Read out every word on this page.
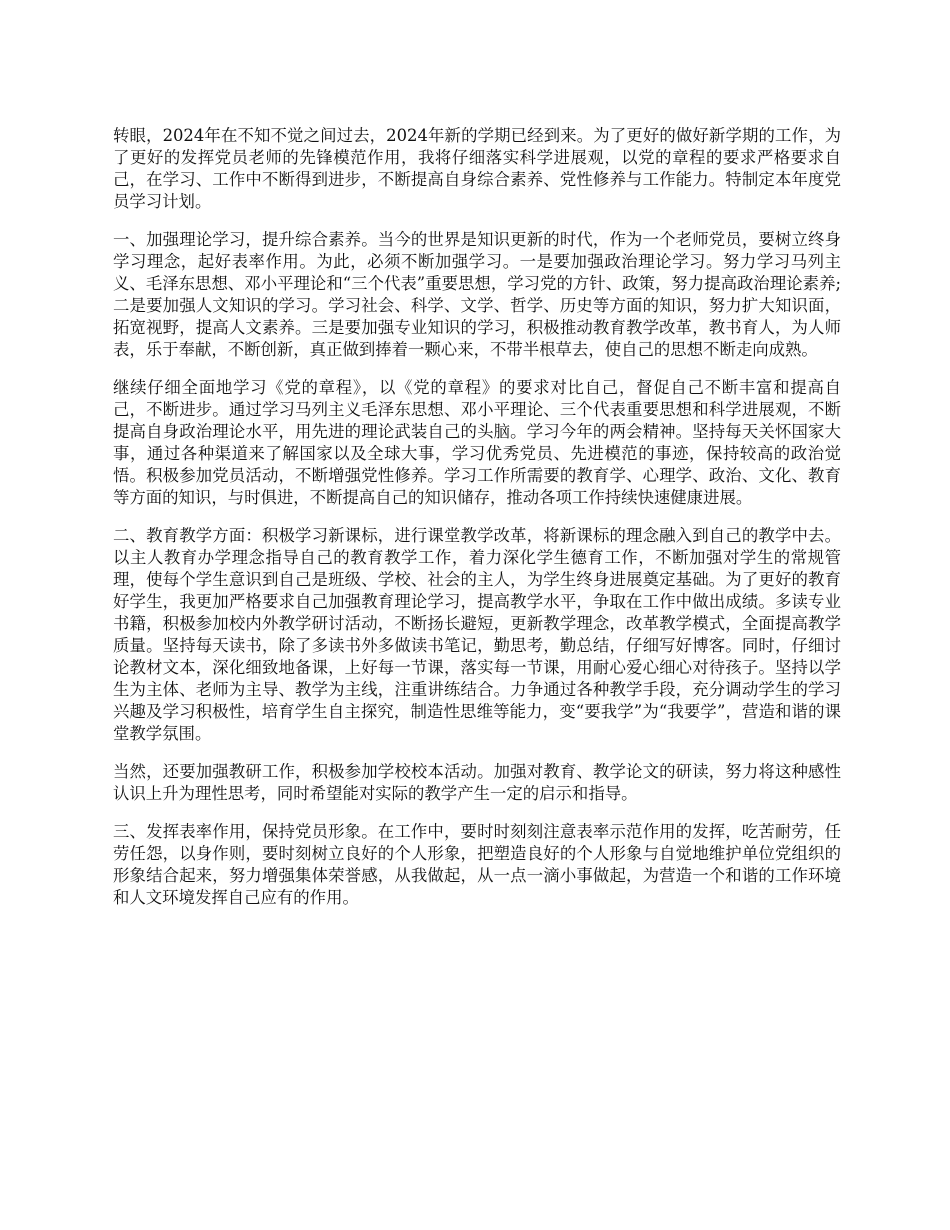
转眼，2024年在不知不觉之间过去，2024年新的学期已经到来。为了更好的做好新学期的工作，为了更好的发挥党员老师的先锋模范作用，我将仔细落实科学进展观，以党的章程的要求严格要求自己，在学习、工作中不断得到进步，不断提高自身综合素养、党性修养与工作能力。特制定本年度党员学习计划。

一、加强理论学习，提升综合素养。当今的世界是知识更新的时代，作为一个老师党员，要树立终身学习理念，起好表率作用。为此，必须不断加强学习。一是要加强政治理论学习。努力学习马列主义、毛泽东思想、邓小平理论和“三个代表”重要思想，学习党的方针、政策，努力提高政治理论素养;二是要加强人文知识的学习。学习社会、科学、文学、哲学、历史等方面的知识，努力扩大知识面，拓宽视野，提高人文素养。三是要加强专业知识的学习，积极推动教育教学改革，教书育人，为人师表，乐于奉献，不断创新，真正做到捧着一颗心来，不带半根草去，使自己的思想不断走向成熟。

继续仔细全面地学习《党的章程》，以《党的章程》的要求对比自己，督促自己不断丰富和提高自己，不断进步。通过学习马列主义毛泽东思想、邓小平理论、三个代表重要思想和科学进展观，不断提高自身政治理论水平，用先进的理论武装自己的头脑。学习今年的两会精神。坚持每天关怀国家大事，通过各种渠道来了解国家以及全球大事，学习优秀党员、先进模范的事迹，保持较高的政治觉悟。积极参加党员活动，不断增强党性修养。学习工作所需要的教育学、心理学、政治、文化、教育等方面的知识，与时俱进，不断提高自己的知识储存，推动各项工作持续快速健康进展。

二、教育教学方面：积极学习新课标，进行课堂教学改革，将新课标的理念融入到自己的教学中去。以主人教育办学理念指导自己的教育教学工作，着力深化学生德育工作，不断加强对学生的常规管理，使每个学生意识到自己是班级、学校、社会的主人，为学生终身进展奠定基础。为了更好的教育好学生，我更加严格要求自己加强教育理论学习，提高教学水平，争取在工作中做出成绩。多读专业书籍，积极参加校内外教学研讨活动，不断扬长避短，更新教学理念，改革教学模式，全面提高教学质量。坚持每天读书，除了多读书外多做读书笔记，勤思考，勤总结，仔细写好博客。同时，仔细讨论教材文本，深化细致地备课，上好每一节课，落实每一节课，用耐心爱心细心对待孩子。坚持以学生为主体、老师为主导、教学为主线，注重讲练结合。力争通过各种教学手段，充分调动学生的学习兴趣及学习积极性，培育学生自主探究，制造性思维等能力，变“要我学”为“我要学”，营造和谐的课堂教学氛围。

当然，还要加强教研工作，积极参加学校校本活动。加强对教育、教学论文的研读，努力将这种感性认识上升为理性思考，同时希望能对实际的教学产生一定的启示和指导。

三、发挥表率作用，保持党员形象。在工作中，要时时刻刻注意表率示范作用的发挥，吃苦耐劳，任劳任怨，以身作则，要时刻树立良好的个人形象，把塑造良好的个人形象与自觉地维护单位党组织的形象结合起来，努力增强集体荣誉感，从我做起，从一点一滴小事做起，为营造一个和谐的工作环境和人文环境发挥自己应有的作用。
